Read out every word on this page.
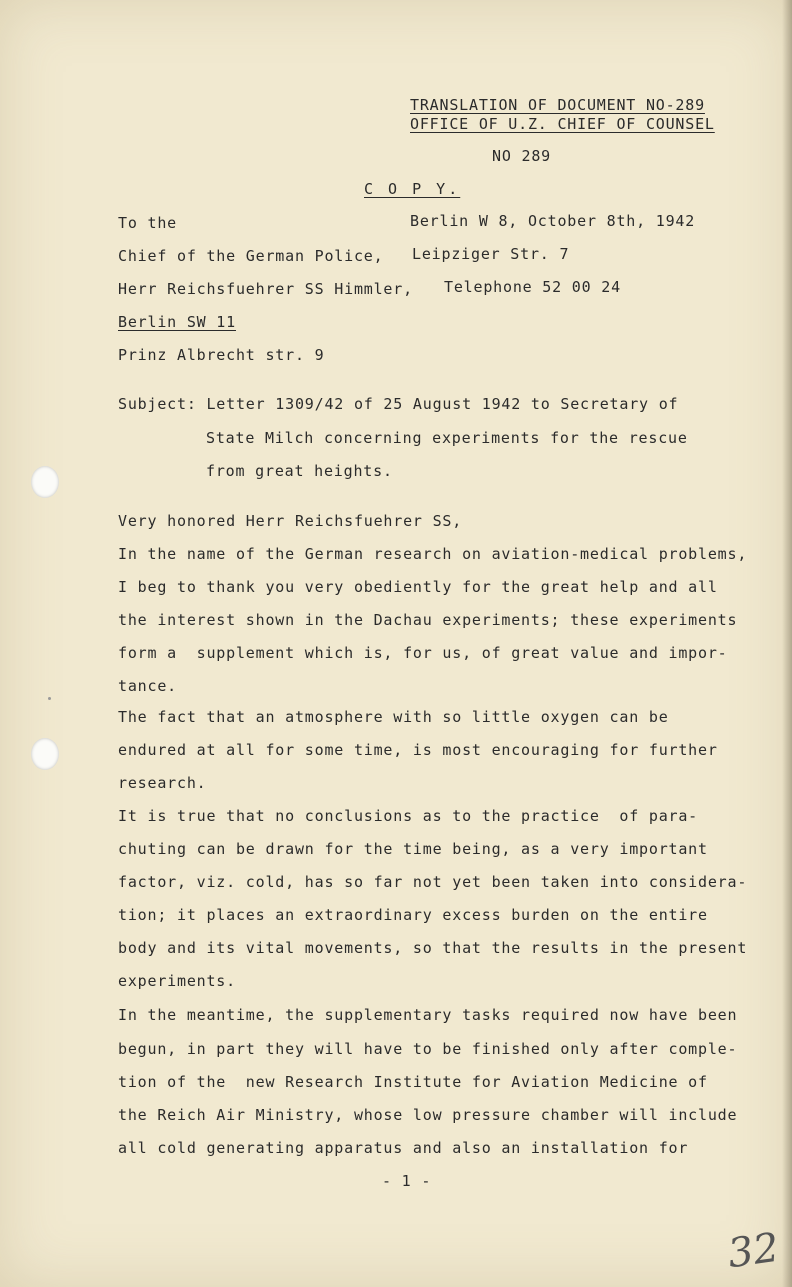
TRANSLATION OF DOCUMENT NO-289
OFFICE OF U.Z. CHIEF OF COUNSEL
NO 289
C O P Y.
To the	Berlin W 8, October 8th, 1942
Chief of the German Police, Leipziger Str. 7
Herr Reichsfuehrer SS Himmler, Telephone 52 00 24
Berlin SW 11
Prinz Albrecht str. 9
Subject: Letter 1309/42 of 25 August 1942 to Secretary of
State Milch concerning experiments for the rescue
from great heights.
Very honored Herr Reichsfuehrer SS,
In the name of the German research on aviation-medical problems,
I beg to thank you very obediently for the great help and all
the interest shown in the Dachau experiments; these experiments
form a  supplement which is, for us, of great value and impor-
tance.
The fact that an atmosphere with so little oxygen can be
endured at all for some time, is most encouraging for further
research.
It is true that no conclusions as to the practice  of para-
chuting can be drawn for the time being, as a very important
factor, viz. cold, has so far not yet been taken into considera-
tion; it places an extraordinary excess burden on the entire
body and its vital movements, so that the results in the present
experiments.
In the meantime, the supplementary tasks required now have been
begun, in part they will have to be finished only after comple-
tion of the  new Research Institute for Aviation Medicine of
the Reich Air Ministry, whose low pressure chamber will include
all cold generating apparatus and also an installation for
- 1 -
32
